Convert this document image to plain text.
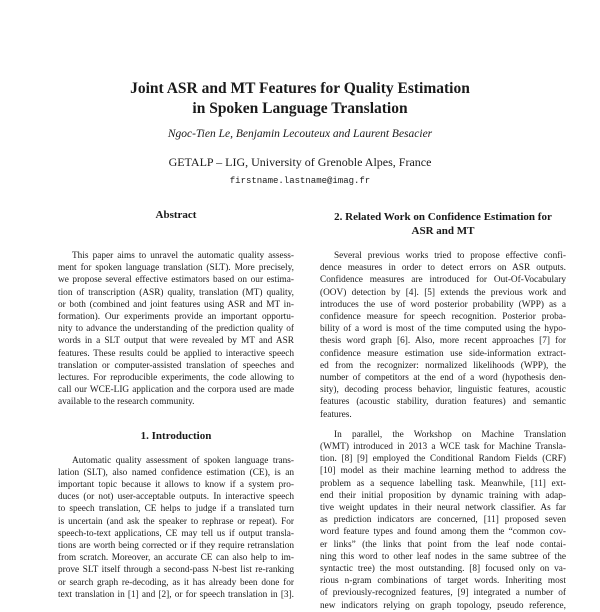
Joint ASR and MT Features for Quality Estimation
in Spoken Language Translation
Ngoc-Tien Le, Benjamin Lecouteux and Laurent Besacier
GETALP – LIG, University of Grenoble Alpes, France
firstname.lastname@imag.fr
Abstract
This paper aims to unravel the automatic quality assess-
ment for spoken language translation (SLT). More precisely,
we propose several effective estimators based on our estima-
tion of transcription (ASR) quality, translation (MT) quality,
or both (combined and joint features using ASR and MT in-
formation). Our experiments provide an important opportu-
nity to advance the understanding of the prediction quality of
words in a SLT output that were revealed by MT and ASR
features. These results could be applied to interactive speech
translation or computer-assisted translation of speeches and
lectures. For reproducible experiments, the code allowing to
call our WCE-LIG application and the corpora used are made
available to the research community.
1. Introduction
Automatic quality assessment of spoken language trans-
lation (SLT), also named confidence estimation (CE), is an
important topic because it allows to know if a system pro-
duces (or not) user-acceptable outputs. In interactive speech
to speech translation, CE helps to judge if a translated turn
is uncertain (and ask the speaker to rephrase or repeat). For
speech-to-text applications, CE may tell us if output transla-
tions are worth being corrected or if they require retranslation
from scratch. Moreover, an accurate CE can also help to im-
prove SLT itself through a second-pass N-best list re-ranking
or search graph re-decoding, as it has already been done for
text translation in [1] and [2], or for speech translation in [3].
2. Related Work on Confidence Estimation for
ASR and MT
Several previous works tried to propose effective confi-
dence measures in order to detect errors on ASR outputs.
Confidence measures are introduced for Out-Of-Vocabulary
(OOV) detection by [4]. [5] extends the previous work and
introduces the use of word posterior probability (WPP) as a
confidence measure for speech recognition. Posterior proba-
bility of a word is most of the time computed using the hypo-
thesis word graph [6]. Also, more recent approaches [7] for
confidence measure estimation use side-information extract-
ed from the recognizer: normalized likelihoods (WPP), the
number of competitors at the end of a word (hypothesis den-
sity), decoding process behavior, linguistic features, acoustic
features (acoustic stability, duration features) and semantic
features.
In parallel, the Workshop on Machine Translation
(WMT) introduced in 2013 a WCE task for Machine Transla-
tion. [8] [9] employed the Conditional Random Fields (CRF)
[10] model as their machine learning method to address the
problem as a sequence labelling task. Meanwhile, [11] ext-
end their initial proposition by dynamic training with adap-
tive weight updates in their neural network classifier. As far
as prediction indicators are concerned, [11] proposed seven
word feature types and found among them the “common cov-
er links” (the links that point from the leaf node contai-
ning this word to other leaf nodes in the same subtree of the
syntactic tree) the most outstanding. [8] focused only on va-
rious n-gram combinations of target words. Inheriting most
of previously-recognized features, [9] integrated a number of
new indicators relying on graph topology, pseudo reference,
